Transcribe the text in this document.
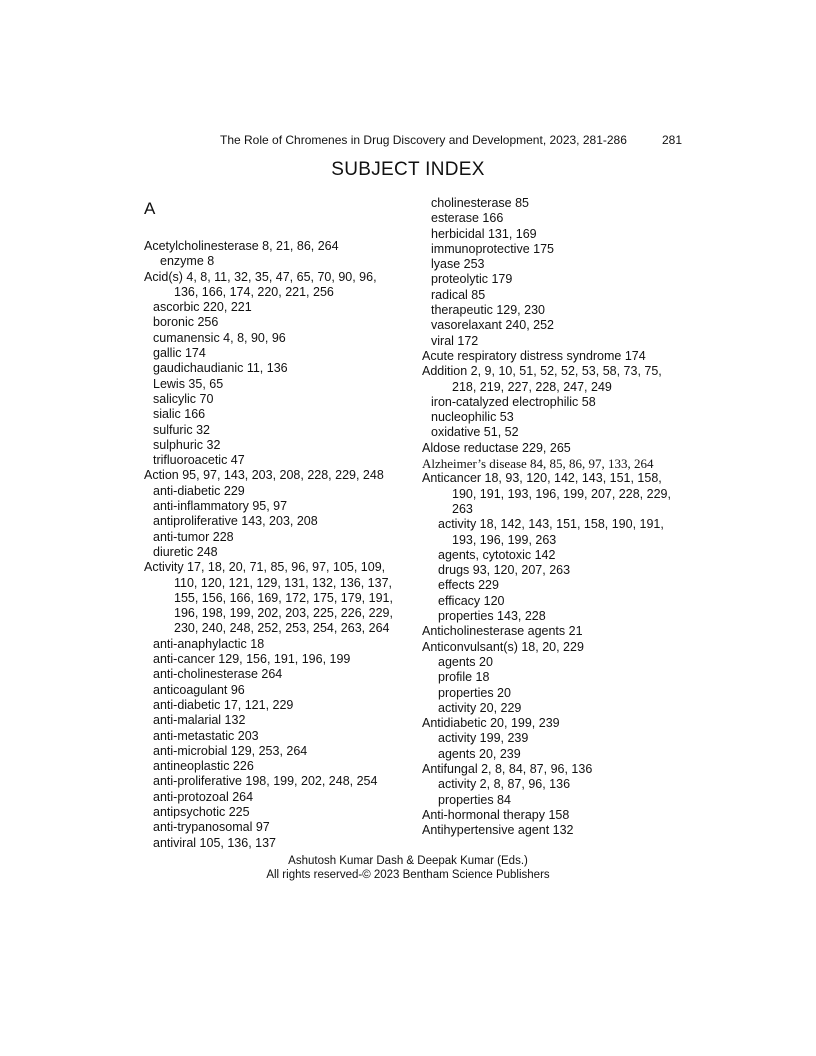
The Role of Chromenes in Drug Discovery and Development, 2023, 281-286	281
SUBJECT INDEX
A
Acetylcholinesterase 8, 21, 86, 264
enzyme 8
Acid(s) 4, 8, 11, 32, 35, 47, 65, 70, 90, 96,
136, 166, 174, 220, 221, 256
ascorbic 220, 221
boronic 256
cumanensic 4, 8, 90, 96
gallic 174
gaudichaudianic 11, 136
Lewis 35, 65
salicylic 70
sialic 166
sulfuric 32
sulphuric 32
trifluoroacetic 47
Action 95, 97, 143, 203, 208, 228, 229, 248
anti-diabetic 229
anti-inflammatory 95, 97
antiproliferative 143, 203, 208
anti-tumor 228
diuretic 248
Activity 17, 18, 20, 71, 85, 96, 97, 105, 109,
110, 120, 121, 129, 131, 132, 136, 137,
155, 156, 166, 169, 172, 175, 179, 191,
196, 198, 199, 202, 203, 225, 226, 229,
230, 240, 248, 252, 253, 254, 263, 264
anti-anaphylactic 18
anti-cancer 129, 156, 191, 196, 199
anti-cholinesterase 264
anticoagulant 96
anti-diabetic 17, 121, 229
anti-malarial 132
anti-metastatic 203
anti-microbial 129, 253, 264
antineoplastic 226
anti-proliferative 198, 199, 202, 248, 254
anti-protozoal 264
antipsychotic 225
anti-trypanosomal 97
antiviral 105, 136, 137
cholinesterase 85
esterase 166
herbicidal 131, 169
immunoprotective 175
lyase 253
proteolytic 179
radical 85
therapeutic 129, 230
vasorelaxant 240, 252
viral 172
Acute respiratory distress syndrome 174
Addition 2, 9, 10, 51, 52, 52, 53, 58, 73, 75,
218, 219, 227, 228, 247, 249
iron-catalyzed electrophilic 58
nucleophilic 53
oxidative 51, 52
Aldose reductase 229, 265
Alzheimer’s disease 84, 85, 86, 97, 133, 264
Anticancer 18, 93, 120, 142, 143, 151, 158,
190, 191, 193, 196, 199, 207, 228, 229,
263
activity 18, 142, 143, 151, 158, 190, 191,
193, 196, 199, 263
agents, cytotoxic 142
drugs 93, 120, 207, 263
effects 229
efficacy 120
properties 143, 228
Anticholinesterase agents 21
Anticonvulsant(s) 18, 20, 229
agents 20
profile 18
properties 20
activity 20, 229
Antidiabetic 20, 199, 239
activity 199, 239
agents 20, 239
Antifungal 2, 8, 84, 87, 96, 136
activity 2, 8, 87, 96, 136
properties 84
Anti-hormonal therapy 158
Antihypertensive agent 132
Ashutosh Kumar Dash & Deepak Kumar (Eds.)
All rights reserved-© 2023 Bentham Science Publishers
